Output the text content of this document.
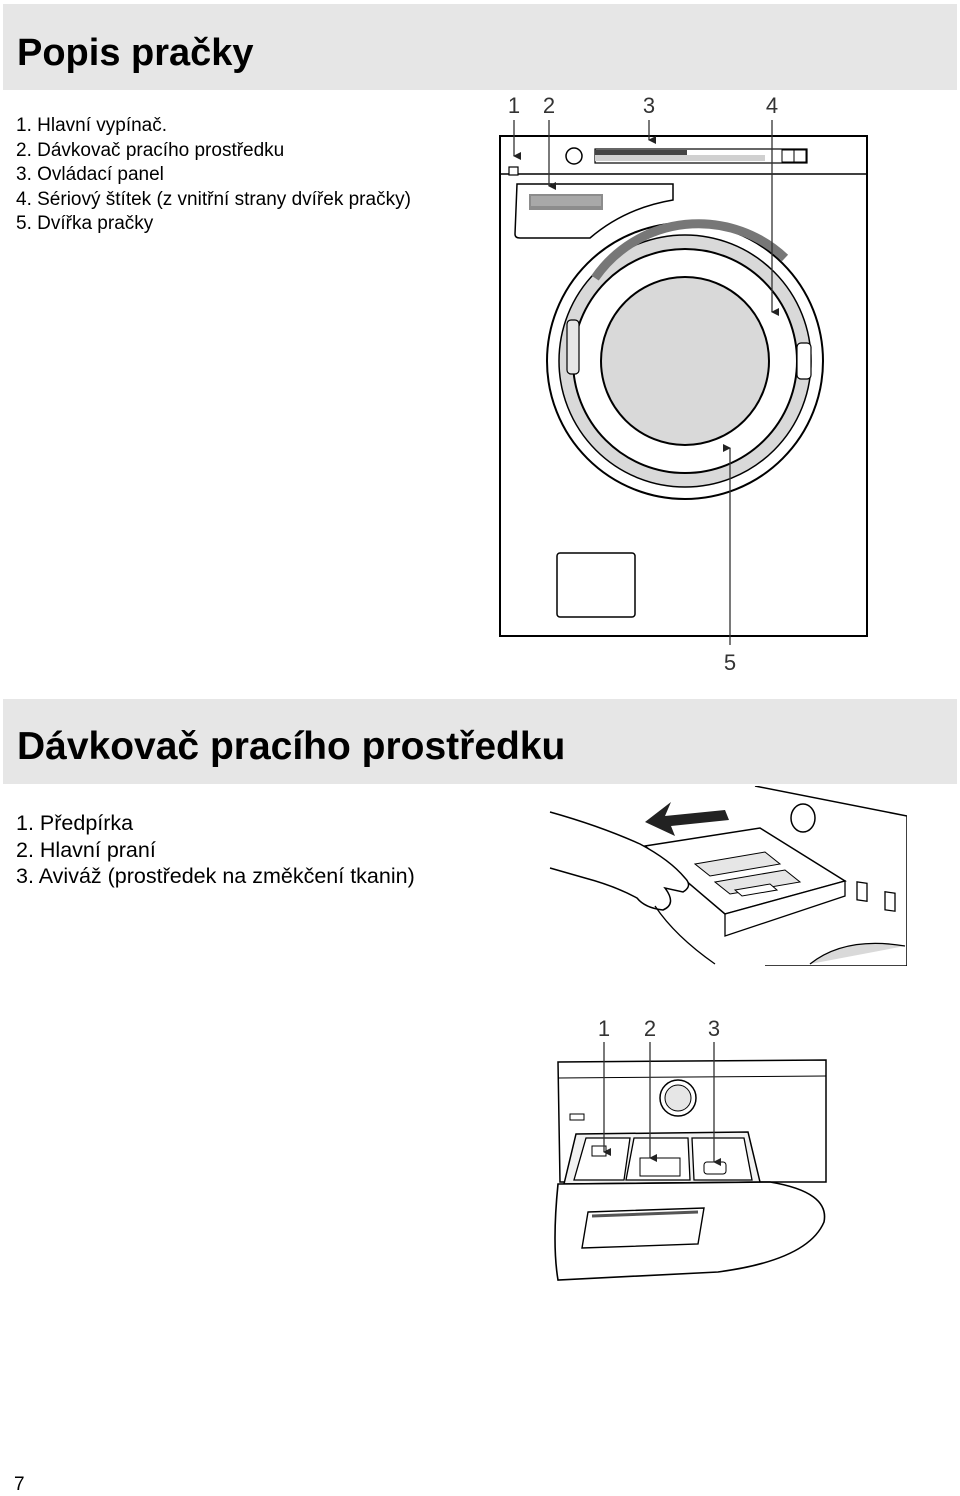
Popis pračky
1. Hlavní vypínač.
2. Dávkovač pracího prostředku
3. Ovládací panel
4. Sériový štítek (z vnitřní strany dvířek pračky)
5. Dvířka pračky
1 2	3	4
5
Dávkovač pracího prostředku
1. Předpírka
2. Hlavní praní
3. Aviváž (prostředek na změkčení tkanin)
1 2 3
7
